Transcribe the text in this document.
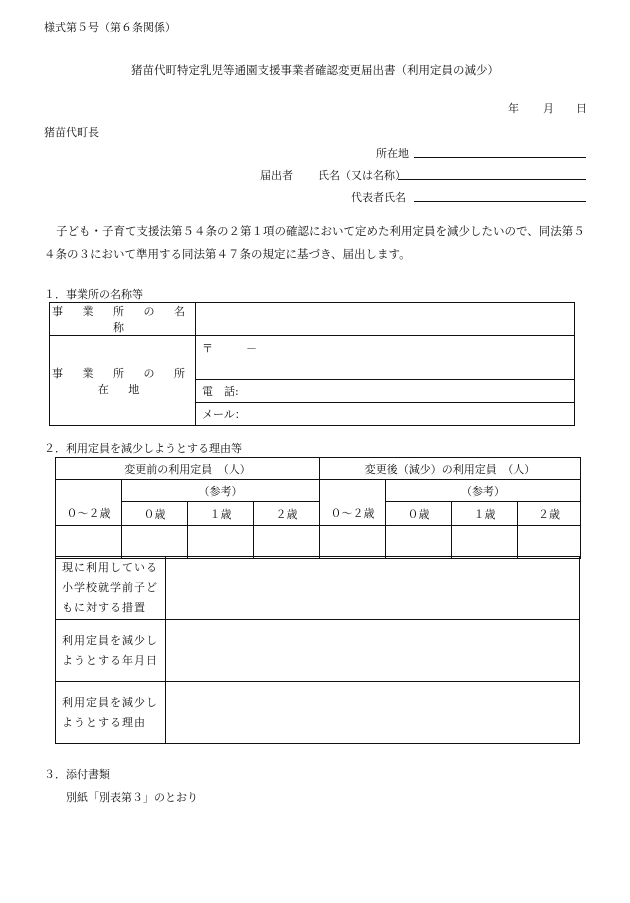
様式第５号（第６条関係）
猪苗代町特定乳児等通園支援事業者確認変更届出書（利用定員の減少）
年 月 日
猪苗代町長
所在地
届出者 氏名（又は名称）
代表者氏名
子ども・子育て支援法第５４条の２第１項の確認において定めた利用定員を減少したいので、同法第５４条の３において準用する同法第４７条の規定に基づき、届出します。
１．事業所の名称等
事 業 所 の 名 称	
事 業 所 の 所 在 地	〒　　　－
	電　話:
	メール：
２．利用定員を減少しようとする理由等
変更前の利用定員　（人）				変更後（減少）の利用定員　（人）			
	（参考）				（参考）		

０～２歳	０歳	１歳	２歳	０～２歳	０歳	１歳	２歳

現に利用している小学校就学前子どもに対する措置	
利用定員を減少しようとする年月日	
利用定員を減少しようとする理由	
３．添付書類
別紙「別表第３」のとおり
